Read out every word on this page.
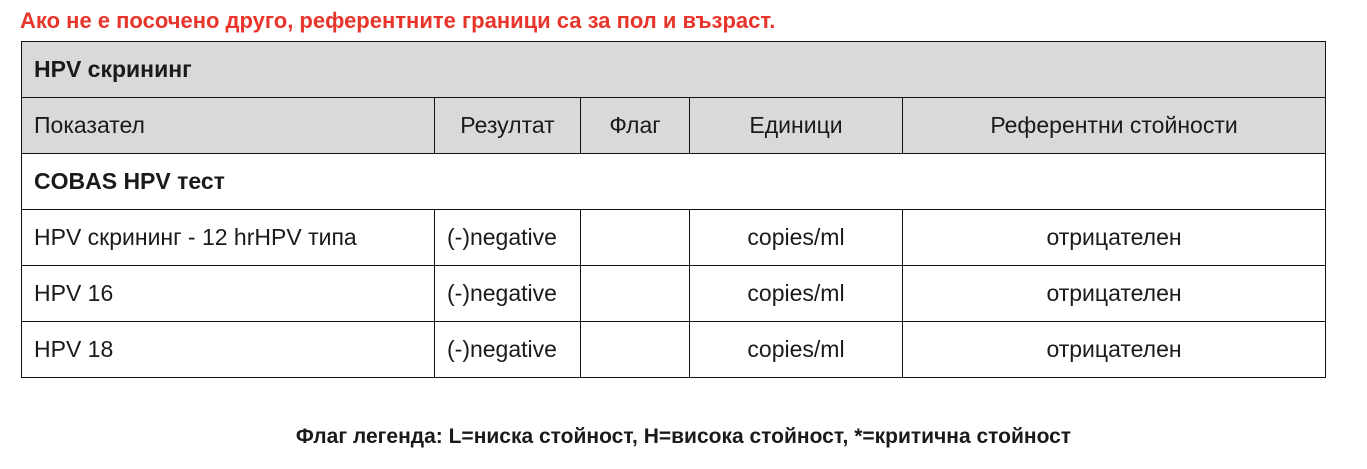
Ако не е посочено друго, референтните граници са за пол и възраст.
HPV скрининг				
Показател	Резултат	Флаг	Единици	Референтни стойности
COBAS HPV тест				
HPV скрининг - 12 hrHPV типа	(-)negative		copies/ml	отрицателен
HPV 16	(-)negative		copies/ml	отрицателен
HPV 18	(-)negative		copies/ml	отрицателен
Флаг легенда: L=ниска стойност, H=висока стойност, *=критична стойност
